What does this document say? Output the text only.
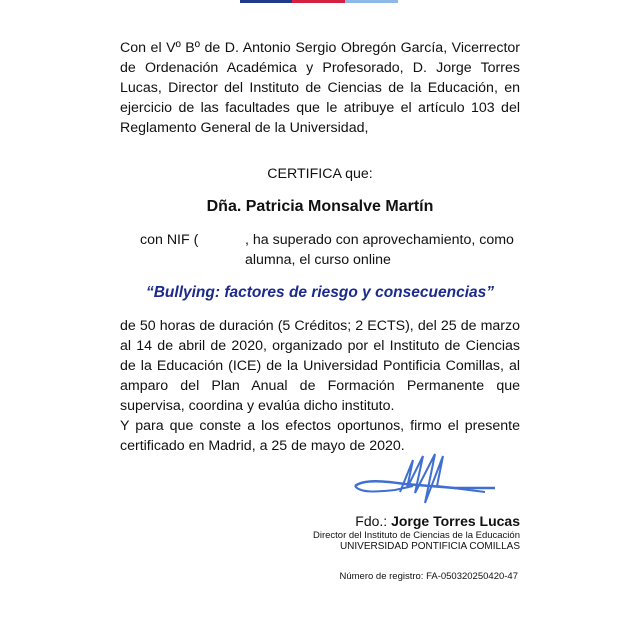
Con el Vº Bº de D. Antonio Sergio Obregón García, Vicerrector de Ordenación Académica y Profesorado, D. Jorge Torres Lucas, Director del Instituto de Ciencias de la Educación, en ejercicio de las facultades que le atribuye el artículo 103 del Reglamento General de la Universidad,
CERTIFICA que:
Dña. Patricia Monsalve Martín
con NIF (	, ha superado con aprovechamiento, como
alumna, el curso online
“Bullying: factores de riesgo y consecuencias”
de 50 horas de duración (5 Créditos; 2 ECTS), del 25 de marzo al 14 de abril de 2020, organizado por el Instituto de Ciencias de la Educación (ICE) de la Universidad Pontificia Comillas, al amparo del Plan Anual de Formación Permanente que supervisa, coordina y evalúa dicho instituto.
Y para que conste a los efectos oportunos, firmo el presente certificado en Madrid, a 25 de mayo de 2020.
Fdo.: Jorge Torres Lucas
Director del Instituto de Ciencias de la Educación
UNIVERSIDAD PONTIFICIA COMILLAS
Número de registro: FA-050320250420-47
